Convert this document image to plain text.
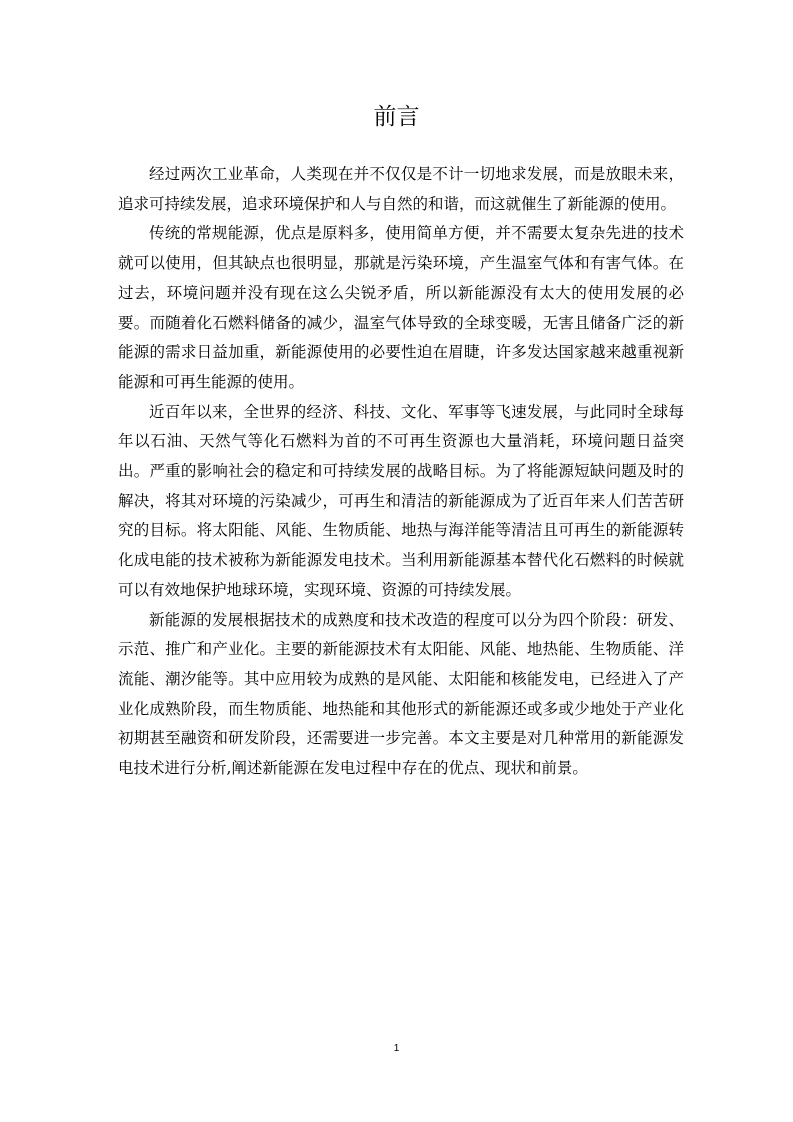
前言

经过两次工业革命，人类现在并不仅仅是不计一切地求发展，而是放眼未来，追求可持续发展，追求环境保护和人与自然的和谐，而这就催生了新能源的使用。

传统的常规能源，优点是原料多，使用简单方便，并不需要太复杂先进的技术就可以使用，但其缺点也很明显，那就是污染环境，产生温室气体和有害气体。在过去，环境问题并没有现在这么尖锐矛盾，所以新能源没有太大的使用发展的必要。而随着化石燃料储备的减少，温室气体导致的全球变暖，无害且储备广泛的新能源的需求日益加重，新能源使用的必要性迫在眉睫，许多发达国家越来越重视新能源和可再生能源的使用。

近百年以来，全世界的经济、科技、文化、军事等飞速发展，与此同时全球每年以石油、天然气等化石燃料为首的不可再生资源也大量消耗，环境问题日益突出。严重的影响社会的稳定和可持续发展的战略目标。为了将能源短缺问题及时的解决，将其对环境的污染减少，可再生和清洁的新能源成为了近百年来人们苦苦研究的目标。将太阳能、风能、生物质能、地热与海洋能等清洁且可再生的新能源转化成电能的技术被称为新能源发电技术。当利用新能源基本替代化石燃料的时候就可以有效地保护地球环境，实现环境、资源的可持续发展。

新能源的发展根据技术的成熟度和技术改造的程度可以分为四个阶段：研发、示范、推广和产业化。主要的新能源技术有太阳能、风能、地热能、生物质能、洋流能、潮汐能等。其中应用较为成熟的是风能、太阳能和核能发电，已经进入了产业化成熟阶段，而生物质能、地热能和其他形式的新能源还或多或少地处于产业化初期甚至融资和研发阶段，还需要进一步完善。本文主要是对几种常用的新能源发电技术进行分析,阐述新能源在发电过程中存在的优点、现状和前景。

1
